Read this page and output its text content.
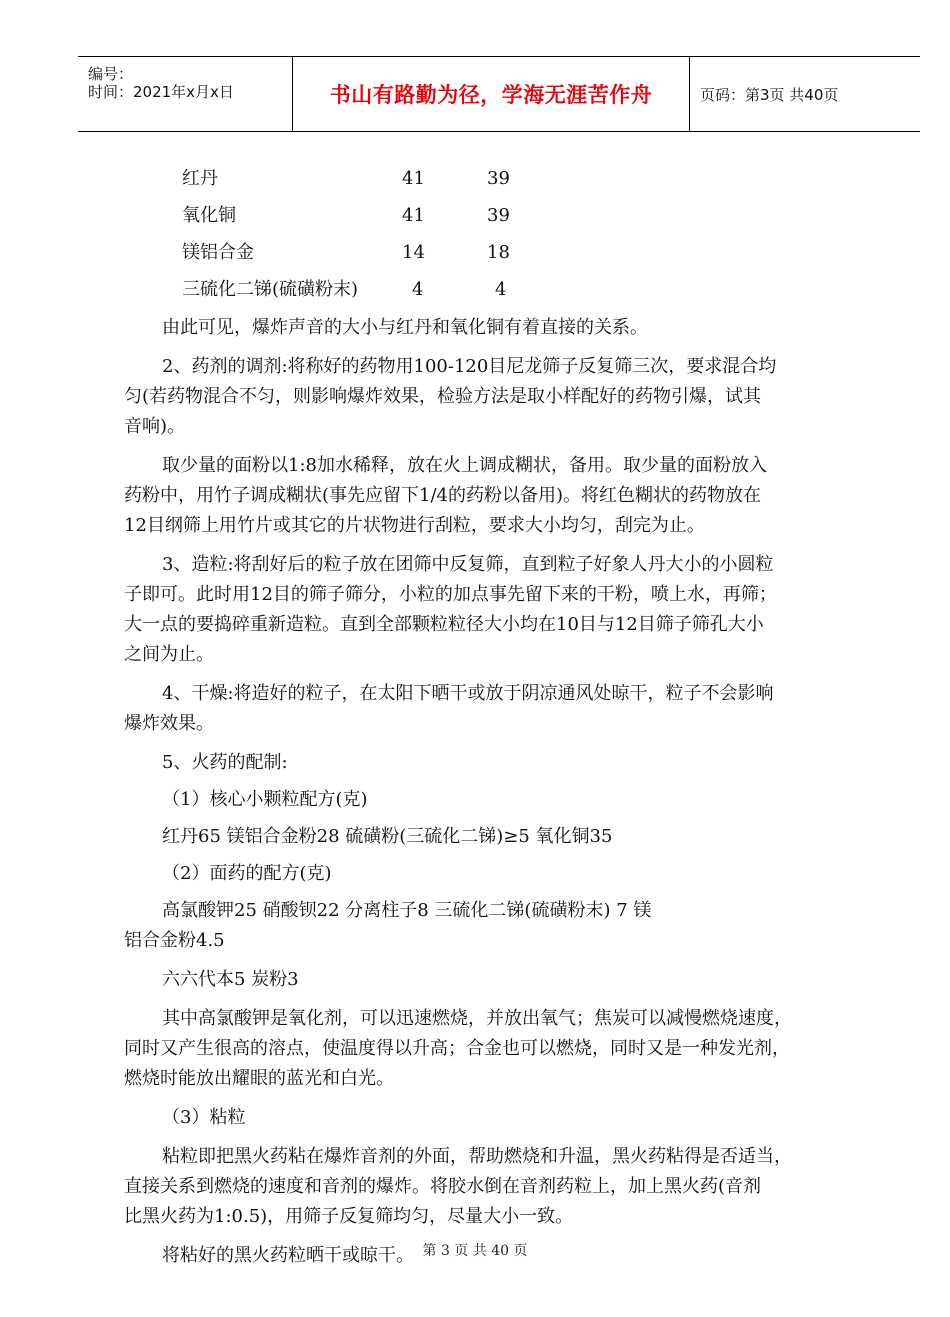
编号：
时间：2021年x月x日	书山有路勤为径，学海无涯苦作舟	页码：第3页 共40页
红丹	41	39
氧化铜	41	39
镁铝合金	14	18
三硫化二锑(硫磺粉末)	4	4

由此可见，爆炸声音的大小与红丹和氧化铜有着直接的关系。

2、药剂的调剂:将称好的药物用100-120目尼龙筛子反复筛三次，要求混合均

匀(若药物混合不匀，则影响爆炸效果，检验方法是取小样配好的药物引爆，试其

音响)。

取少量的面粉以1:8加水稀释，放在火上调成糊状，备用。取少量的面粉放入

药粉中，用竹子调成糊状(事先应留下1/4的药粉以备用)。将红色糊状的药物放在

12目纲筛上用竹片或其它的片状物进行刮粒，要求大小均匀，刮完为止。

3、造粒:将刮好后的粒子放在团筛中反复筛，直到粒子好象人丹大小的小圆粒

子即可。此时用12目的筛子筛分，小粒的加点事先留下来的干粉，喷上水，再筛；

大一点的要捣碎重新造粒。直到全部颗粒粒径大小均在10目与12目筛子筛孔大小

之间为止。

4、干燥:将造好的粒子，在太阳下晒干或放于阴凉通风处晾干，粒子不会影响

爆炸效果。

5、火药的配制:

（1）核心小颗粒配方(克)

红丹65 镁铝合金粉28 硫磺粉(三硫化二锑)≥5 氧化铜35

（2）面药的配方(克)

高氯酸钾25 硝酸钡22 分离柱子8 三硫化二锑(硫磺粉末) 7 镁

铝合金粉4.5

六六代本5 炭粉3

其中高氯酸钾是氧化剂，可以迅速燃烧，并放出氧气；焦炭可以减慢燃烧速度，

同时又产生很高的溶点，使温度得以升高；合金也可以燃烧，同时又是一种发光剂，

燃烧时能放出耀眼的蓝光和白光。

（3）粘粒

粘粒即把黑火药粘在爆炸音剂的外面，帮助燃烧和升温，黑火药粘得是否适当，

直接关系到燃烧的速度和音剂的爆炸。将胶水倒在音剂药粒上，加上黑火药(音剂

比黑火药为1:0.5)，用筛子反复筛均匀，尽量大小一致。

将粘好的黑火药粒晒干或晾干。 第 3 页 共 40 页
